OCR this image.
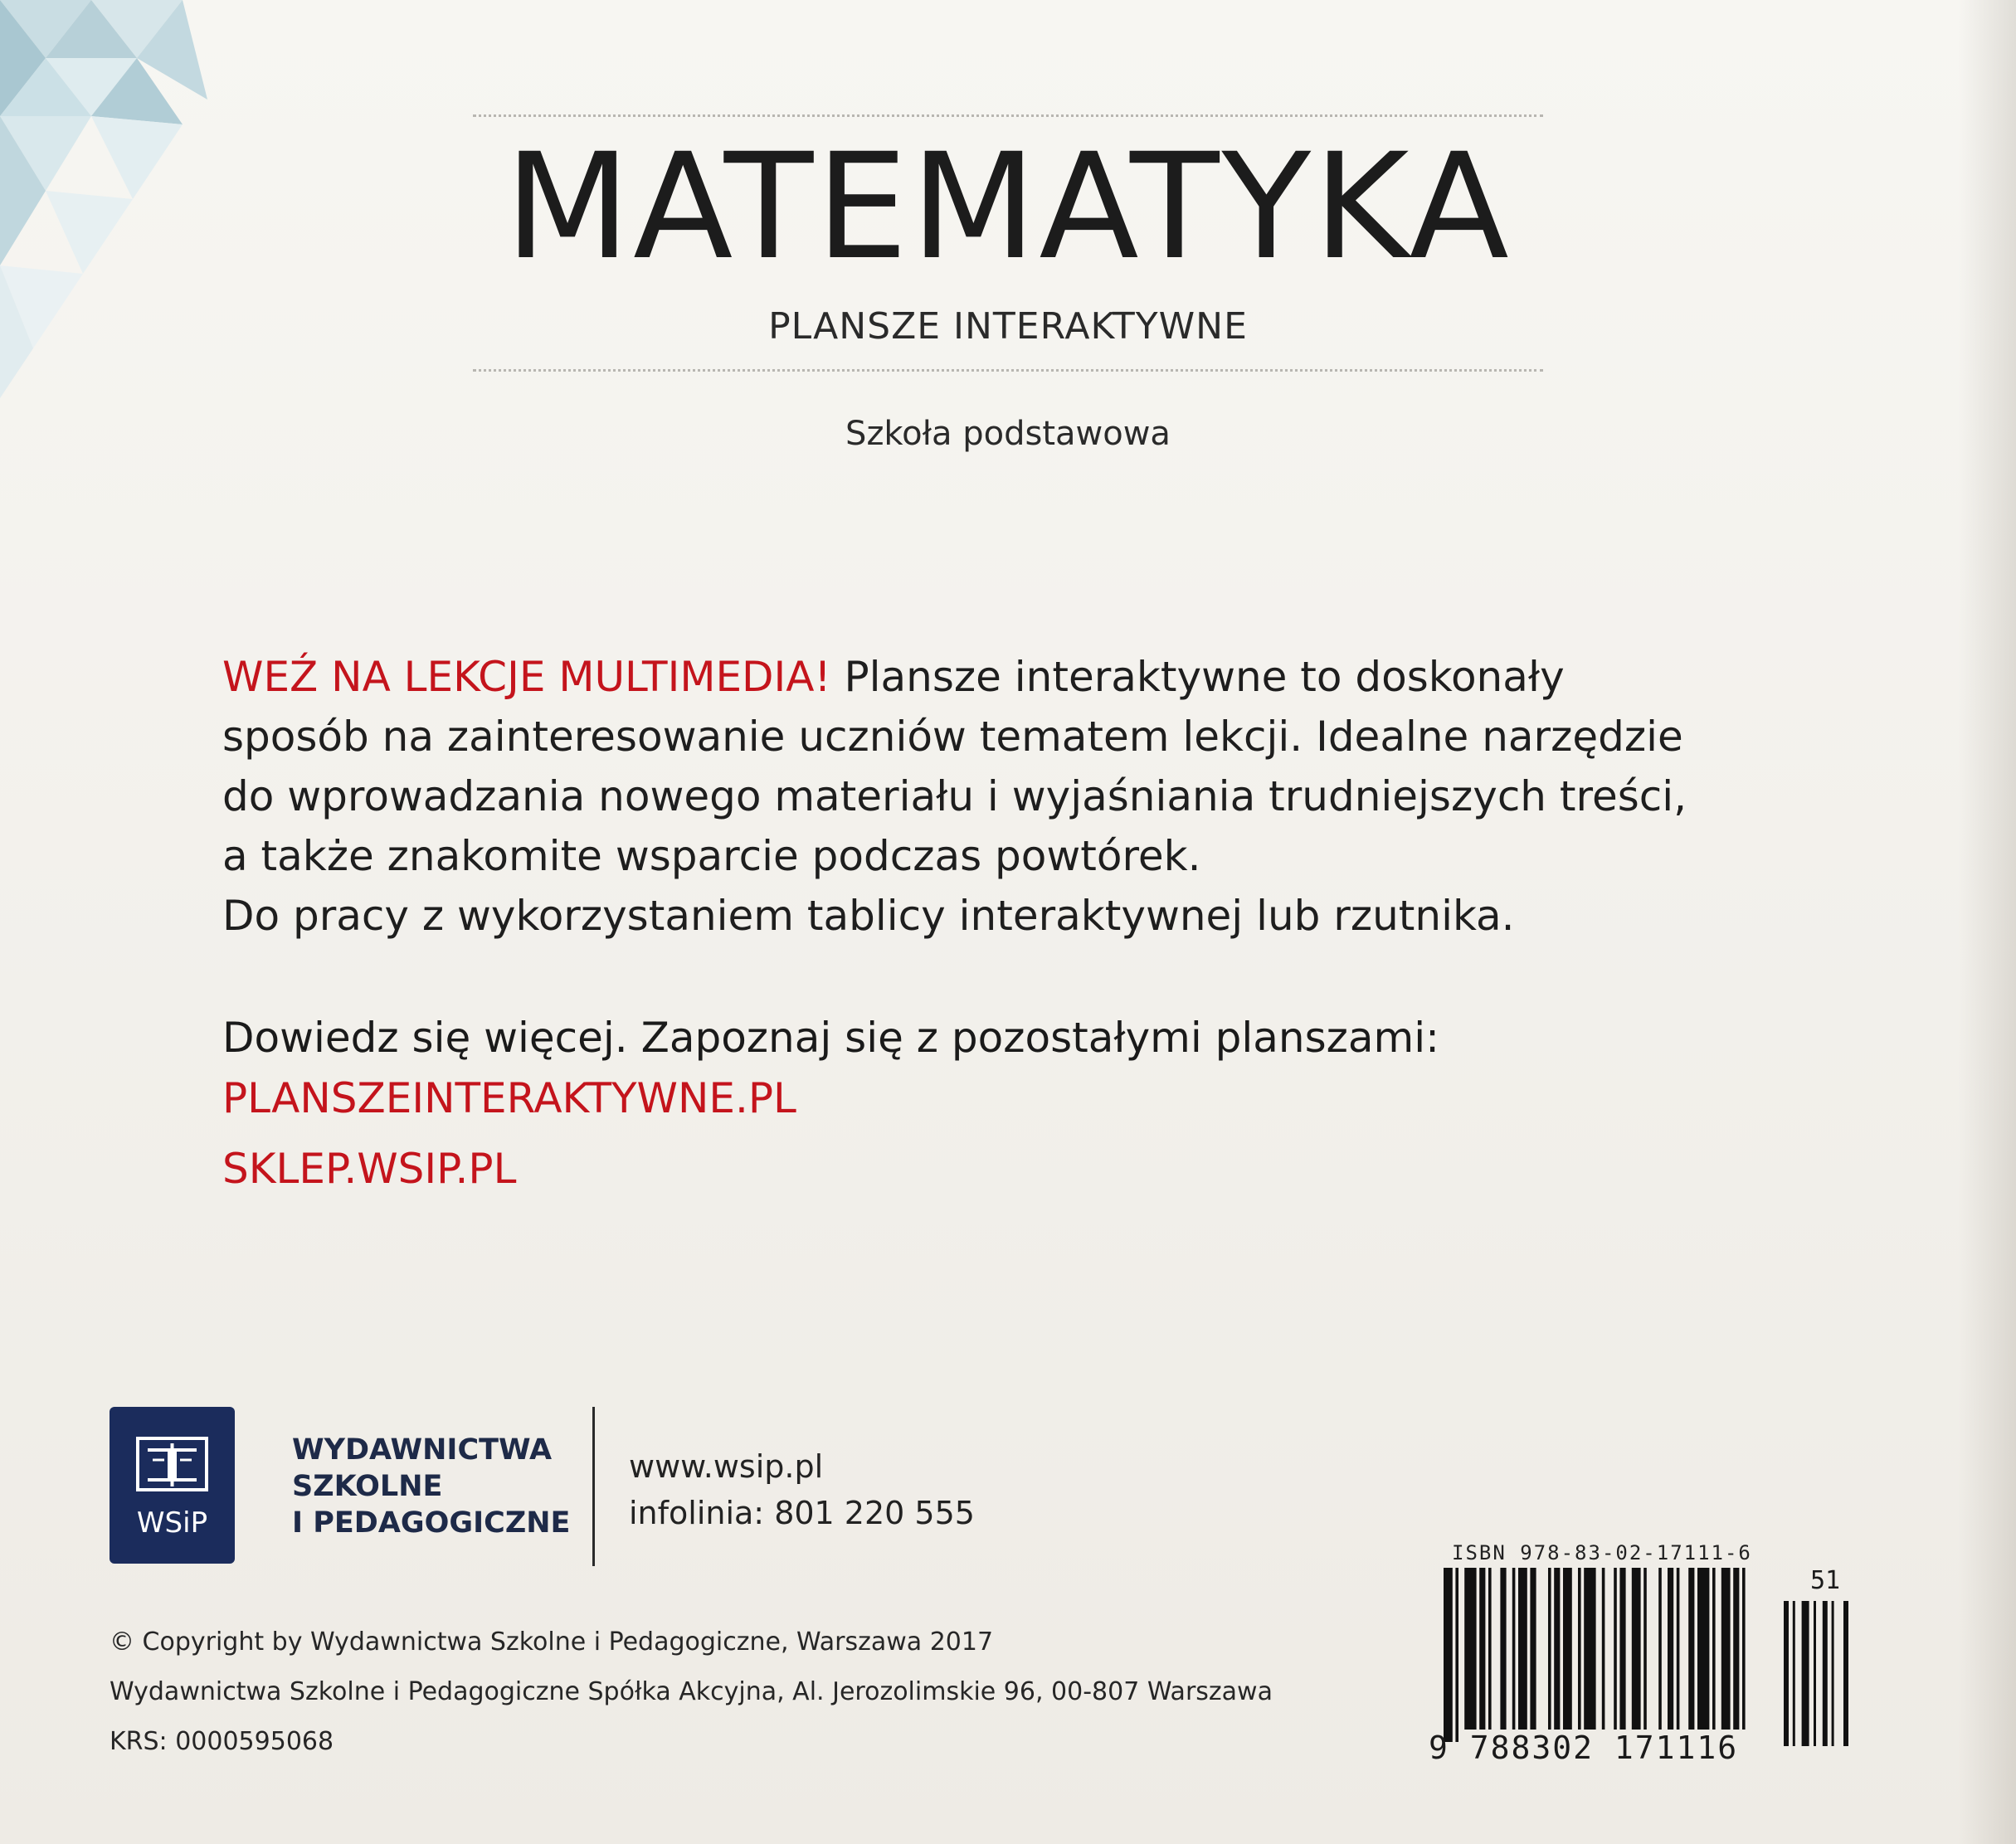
MATEMATYKA
PLANSZE INTERAKTYWNE
Szkoła podstawowa

WEŹ NA LEKCJE MULTIMEDIA! Plansze interaktywne to doskonały

sposób na zainteresowanie uczniów tematem lekcji. Idealne narzędzie

do wprowadzania nowego materiału i wyjaśniania trudniejszych treści,

a także znakomite wsparcie podczas powtórek.

Do pracy z wykorzystaniem tablicy interaktywnej lub rzutnika.

Dowiedz się więcej. Zapoznaj się z pozostałymi planszami:
PLANSZEINTERAKTYWNE.PL
SKLEP.WSIP.PL
WSiP
WYDAWNICTWA
SZKOLNE
I PEDAGOGICZNE
www.wsip.pl
infolinia: 801 220 555
© Copyright by Wydawnictwa Szkolne i Pedagogiczne, Warszawa 2017
Wydawnictwa Szkolne i Pedagogiczne Spółka Akcyjna, Al. Jerozolimskie 96, 00-807 Warszawa
KRS: 0000595068
ISBN 978-83-02-17111-6
51
9 788302 171116
